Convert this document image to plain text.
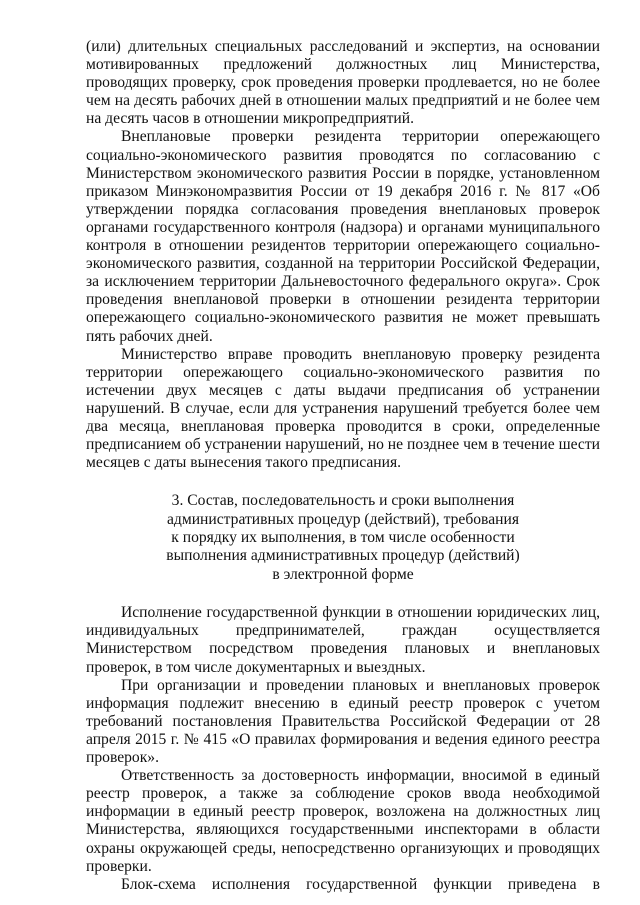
(или) длительных специальных расследований и экспертиз, на основании мотивированных предложений должностных лиц Министерства, проводящих проверку, срок проведения проверки продлевается, но не более чем на десять рабочих дней в отношении малых предприятий и не более чем на десять часов в отношении микропредприятий.

Внеплановые проверки резидента территории опережающего социально-экономического развития проводятся по согласованию с Министерством экономического развития России в порядке, установленном приказом Минэкономразвития России от 19 декабря 2016 г. № 817 «Об утверждении порядка согласования проведения внеплановых проверок органами государственного контроля (надзора) и органами муниципального контроля в отношении резидентов территории опережающего социально-экономического развития, созданной на территории Российской Федерации, за исключением территории Дальневосточного федерального округа». Срок проведения внеплановой проверки в отношении резидента территории опережающего социально-экономического развития не может превышать пять рабочих дней.

Министерство вправе проводить внеплановую проверку резидента территории опережающего социально-экономического развития по истечении двух месяцев с даты выдачи предписания об устранении нарушений. В случае, если для устранения нарушений требуется более чем два месяца, внеплановая проверка проводится в сроки, определенные предписанием об устранении нарушений, но не позднее чем в течение шести месяцев с даты вынесения такого предписания.

3. Состав, последовательность и сроки выполнения
административных процедур (действий), требования
к порядку их выполнения, в том числе особенности
выполнения административных процедур (действий)
в электронной форме

Исполнение государственной функции в отношении юридических лиц, индивидуальных предпринимателей, граждан осуществляется Министерством посредством проведения плановых и внеплановых проверок, в том числе документарных и выездных.

При организации и проведении плановых и внеплановых проверок информация подлежит внесению в единый реестр проверок с учетом требований постановления Правительства Российской Федерации от 28 апреля 2015 г. № 415 «О правилах формирования и ведения единого реестра проверок».

Ответственность за достоверность информации, вносимой в единый реестр проверок, а также за соблюдение сроков ввода необходимой информации в единый реестр проверок, возложена на должностных лиц Министерства, являющихся государственными инспекторами в области охраны окружающей среды, непосредственно организующих и проводящих проверки.

Блок-схема исполнения государственной функции приведена в
